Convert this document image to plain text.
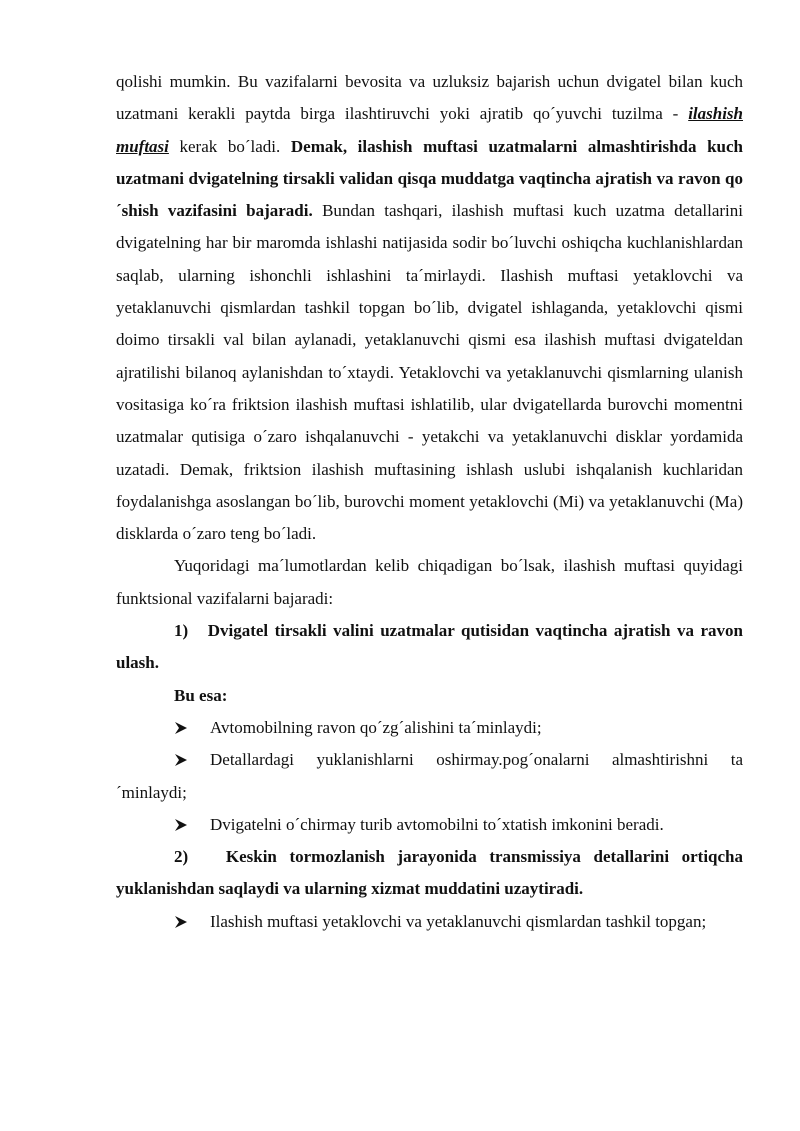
qolishi mumkin. Bu vazifalarni bevosita va uzluksiz bajarish uchun dvigatel bilan kuch uzatmani kerakli paytda birga ilashtiruvchi yoki ajratib qo´yuvchi tuzilma - ilashish muftasi kerak bo´ladi. Demak, ilashish muftasi uzatmalarni almashtirishda kuch uzatmani dvigatelning tirsakli validan qisqa muddatga vaqtincha ajratish va ravon qo´shish vazifasini bajaradi. Bundan tashqari, ilashish muftasi kuch uzatma detallarini dvigatelning har bir maromda ishlashi natijasida sodir bo´luvchi oshiqcha kuchlanishlardan saqlab, ularning ishonchli ishlashini ta´mirlaydi. Ilashish muftasi yetaklovchi va yetaklanuvchi qismlardan tashkil topgan bo´lib, dvigatel ishlaganda, yetaklovchi qismi doimo tirsakli val bilan aylanadi, yetaklanuvchi qismi esa ilashish muftasi dvigateldan ajratilishi bilanoq aylanishdan to´xtaydi. Yetaklovchi va yetaklanuvchi qismlarning ulanish vositasiga ko´ra friktsion ilashish muftasi ishlatilib, ular dvigatellarda burovchi momentni uzatmalar qutisiga o´zaro ishqalanuvchi - yetakchi va yetaklanuvchi disklar yordamida uzatadi. Demak, friktsion ilashish muftasining ishlash uslubi ishqalanish kuchlaridan foydalanishga asoslangan bo´lib, burovchi moment yetaklovchi (Mi) va yetaklanuvchi (Ma) disklarda o´zaro teng bo´ladi.

Yuqoridagi ma´lumotlardan kelib chiqadigan bo´lsak, ilashish muftasi quyidagi funktsional vazifalarni bajaradi:

1) Dvigatel tirsakli valini uzatmalar qutisidan vaqtincha ajratish va ravon ulash.

Bu esa:

Avtomobilning ravon qo´zg´alishini ta´minlaydi;
Detallardagi yuklanishlarni oshirmay.pog´onalarni almashtirishni ta ´minlaydi;
Dvigatelni o´chirmay turib avtomobilni to´xtatish imkonini beradi.

2) Keskin tormozlanish jarayonida transmissiya detallarini ortiqcha yuklanishdan saqlaydi va ularning xizmat muddatini uzaytiradi.

Ilashish muftasi yetaklovchi va yetaklanuvchi qismlardan tashkil topgan;
